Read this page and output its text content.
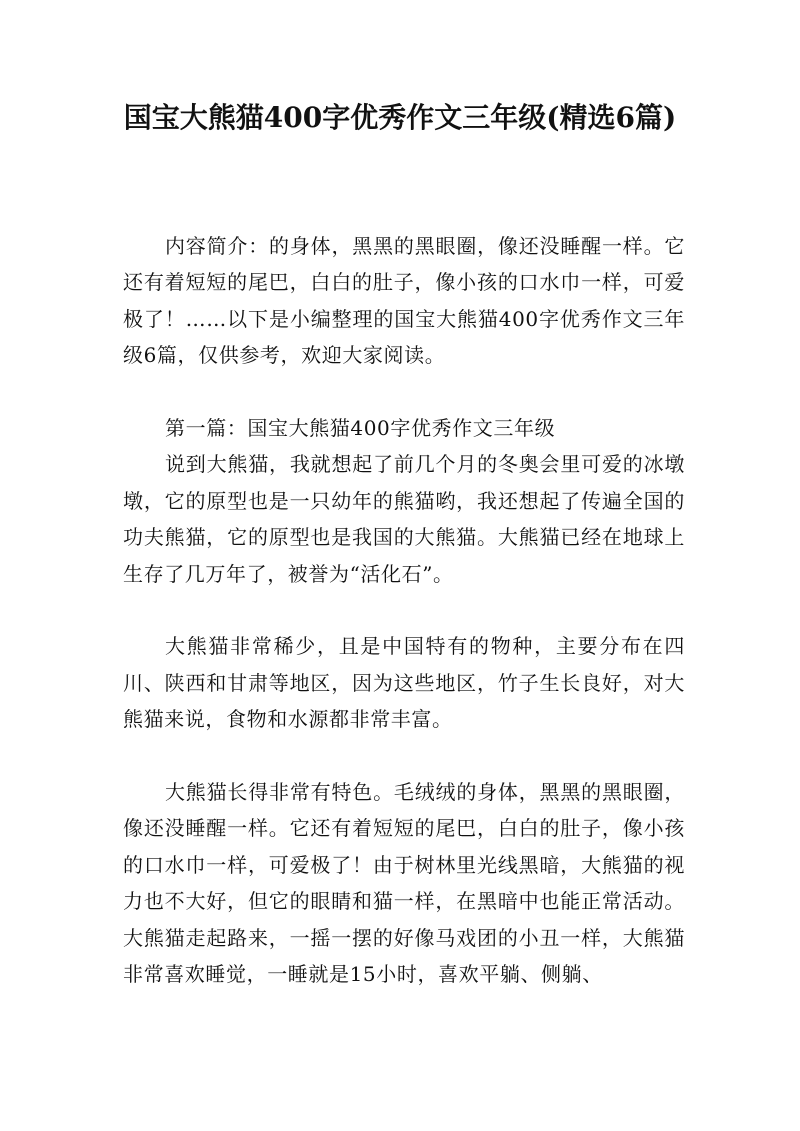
国宝大熊猫400字优秀作文三年级(精选6篇)

内容简介：的身体，黑黑的黑眼圈，像还没睡醒一样。它还有着短短的尾巴，白白的肚子，像小孩的口水巾一样，可爱极了！……以下是小编整理的国宝大熊猫400字优秀作文三年级6篇，仅供参考，欢迎大家阅读。

第一篇：国宝大熊猫400字优秀作文三年级

说到大熊猫，我就想起了前几个月的冬奥会里可爱的冰墩墩，它的原型也是一只幼年的熊猫哟，我还想起了传遍全国的功夫熊猫，它的原型也是我国的大熊猫。大熊猫已经在地球上生存了几万年了，被誉为“活化石”。

大熊猫非常稀少，且是中国特有的物种，主要分布在四川、陕西和甘肃等地区，因为这些地区，竹子生长良好，对大熊猫来说，食物和水源都非常丰富。

大熊猫长得非常有特色。毛绒绒的身体，黑黑的黑眼圈，像还没睡醒一样。它还有着短短的尾巴，白白的肚子，像小孩的口水巾一样，可爱极了！由于树林里光线黑暗，大熊猫的视力也不大好，但它的眼睛和猫一样，在黑暗中也能正常活动。大熊猫走起路来，一摇一摆的好像马戏团的小丑一样，大熊猫非常喜欢睡觉，一睡就是15小时，喜欢平躺、侧躺、
